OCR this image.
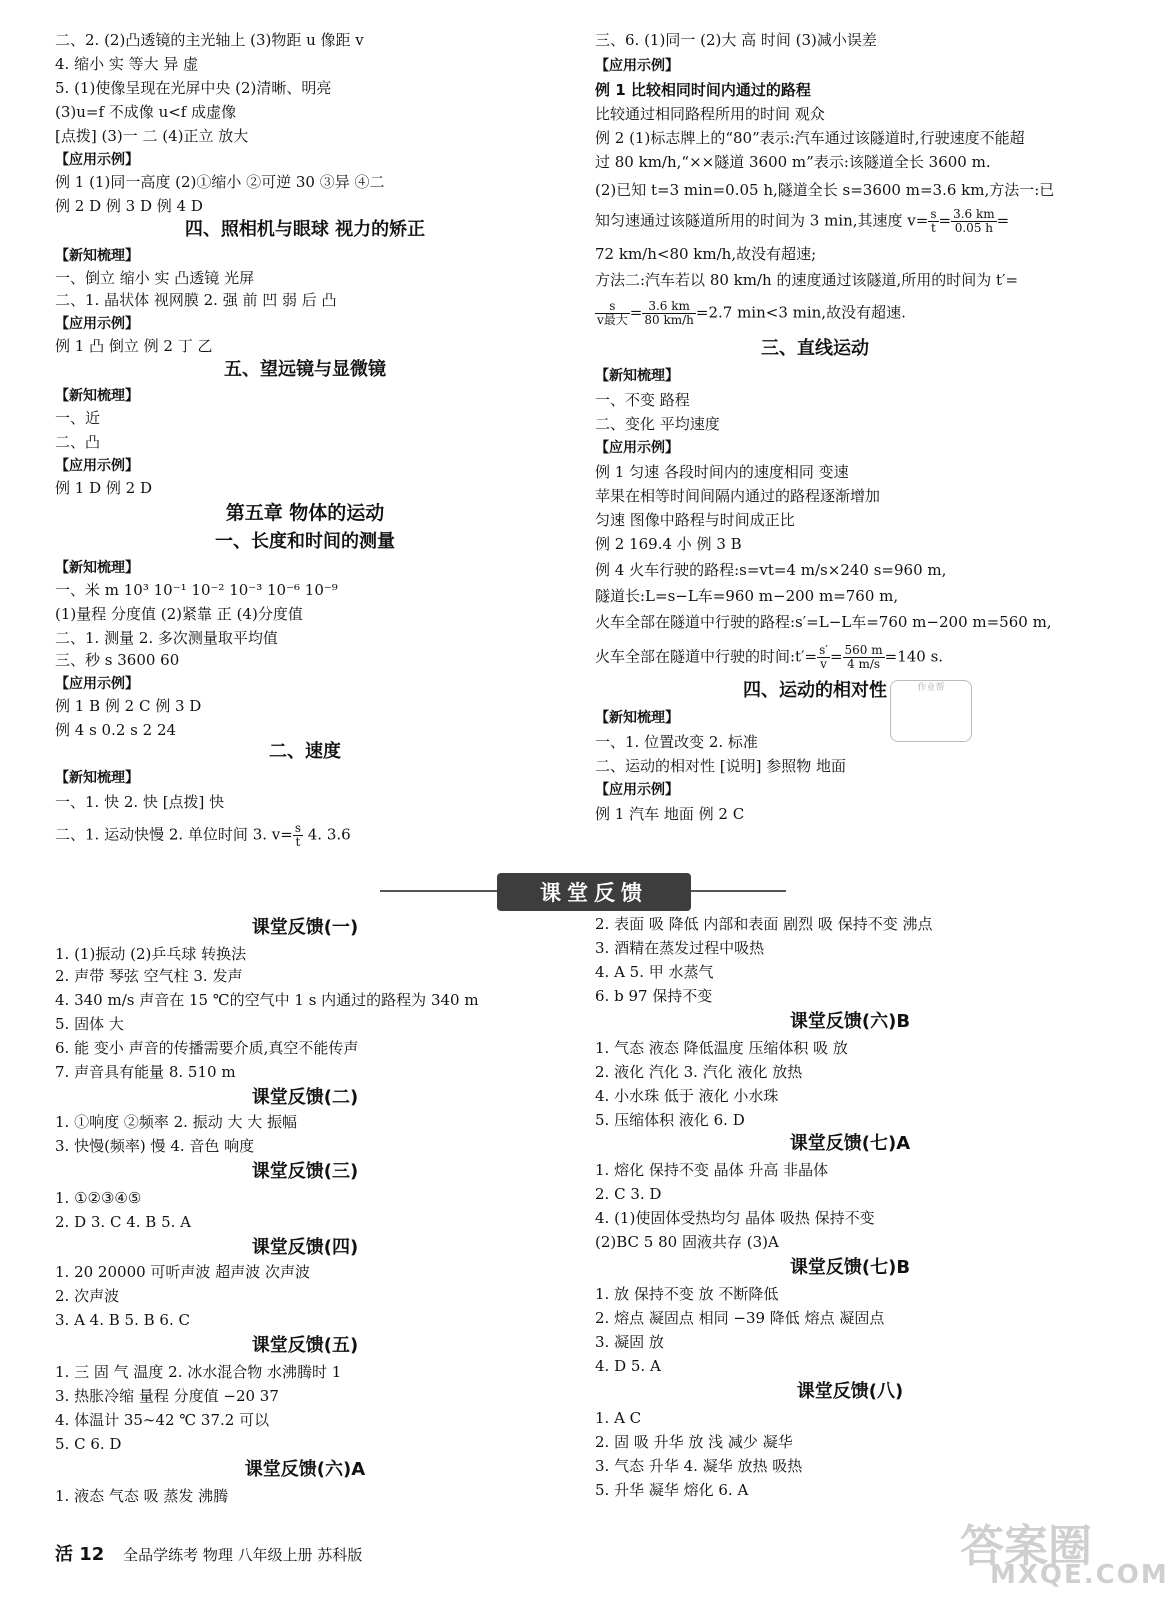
二、2. (2)凸透镜的主光轴上 (3)物距 u 像距 v
4. 缩小 实 等大 异 虚
5. (1)使像呈现在光屏中央 (2)清晰、明亮
(3)u=f 不成像 u<f 成虚像
[点拨] (3)一 二 (4)正立 放大
【应用示例】
例 1 (1)同一高度 (2)①缩小 ②可逆 30 ③异 ④二
例 2 D 例 3 D 例 4 D
四、照相机与眼球 视力的矫正
【新知梳理】
一、倒立 缩小 实 凸透镜 光屏
二、1. 晶状体 视网膜 2. 强 前 凹 弱 后 凸
【应用示例】
例 1 凸 倒立 例 2 丁 乙
五、望远镜与显微镜
【新知梳理】
一、近
二、凸
【应用示例】
例 1 D 例 2 D
第五章 物体的运动
一、长度和时间的测量
【新知梳理】
一、米 m 10³ 10⁻¹ 10⁻² 10⁻³ 10⁻⁶ 10⁻⁹
(1)量程 分度值 (2)紧靠 正 (4)分度值
二、1. 测量 2. 多次测量取平均值
三、秒 s 3600 60
【应用示例】
例 1 B 例 2 C 例 3 D
例 4 s 0.2 s 2 24
二、速度
【新知梳理】
一、1. 快 2. 快 [点拨] 快
二、1. 运动快慢 2. 单位时间 3. $v= \frac{s}{t} 4$. 3.6
三、6. (1)同一 (2)大 高 时间 (3)减小误差
【应用示例】
例 1 比较相同时间内通过的路程
比较通过相同路程所用的时间 观众
例 2 (1)标志牌上的“80”表示:汽车通过该隧道时,行驶速度不能超
过 80 km/h,“××隧道 3600 m”表示:该隧道全长 3600 m.
(2)已知 t=3 min=0.05 h,隧道全长 s=3600 m=3.6 km,方法一:已
知匀速通过该隧道所用的时间为 3 min,其速度 $v= \frac{s}{t} = \frac{3.6 km}{0.05 h}$ =
72 km/h<80 km/h,故没有超速;
方法二:汽车若以 80 km/h 的速度通过该隧道,所用的时间为 t′=
$\frac{s}{\text{v最大}} = \frac{3.6 km}{80 km/h} =2.7$ min<3 min,故没有超速.
三、直线运动
【新知梳理】
一、不变 路程
二、变化 平均速度
【应用示例】
例 1 匀速 各段时间内的速度相同 变速
苹果在相等时间间隔内通过的路程逐渐增加
匀速 图像中路程与时间成正比
例 2 169.4 小 例 3 B
例 4 火车行驶的路程:s=vt=4 m/s×240 s=960 m,
隧道长:L=s−L车=960 m−200 m=760 m,
火车全部在隧道中行驶的路程:s′=L−L车=760 m−200 m=560 m,
火车全部在隧道中行驶的时间:t′= $\frac{s'}{v} = \frac{560 m}{4 m/s} =140$ s.
四、运动的相对性
【新知梳理】
一、1. 位置改变 2. 标准
二、运动的相对性 [说明] 参照物 地面
【应用示例】
例 1 汽车 地面 例 2 C
作业帮
课堂反馈
课堂反馈(一)
1. (1)振动 (2)乒乓球 转换法
2. 声带 琴弦 空气柱 3. 发声
4. 340 m/s 声音在 15 ℃的空气中 1 s 内通过的路程为 340 m
5. 固体 大
6. 能 变小 声音的传播需要介质,真空不能传声
7. 声音具有能量 8. 510 m
课堂反馈(二)
1. ①响度 ②频率 2. 振动 大 大 振幅
3. 快慢(频率) 慢 4. 音色 响度
课堂反馈(三)
1. ①②③④⑤
2. D 3. C 4. B 5. A
课堂反馈(四)
1. 20 20000 可听声波 超声波 次声波
2. 次声波
3. A 4. B 5. B 6. C
课堂反馈(五)
1. 三 固 气 温度 2. 冰水混合物 水沸腾时 1
3. 热胀冷缩 量程 分度值 −20 37
4. 体温计 35∼42 ℃ 37.2 可以
5. C 6. D
课堂反馈(六)A
1. 液态 气态 吸 蒸发 沸腾
2. 表面 吸 降低 内部和表面 剧烈 吸 保持不变 沸点
3. 酒精在蒸发过程中吸热
4. A 5. 甲 水蒸气
6. b 97 保持不变
课堂反馈(六)B
1. 气态 液态 降低温度 压缩体积 吸 放
2. 液化 汽化 3. 汽化 液化 放热
4. 小水珠 低于 液化 小水珠
5. 压缩体积 液化 6. D
课堂反馈(七)A
1. 熔化 保持不变 晶体 升高 非晶体
2. C 3. D
4. (1)使固体受热均匀 晶体 吸热 保持不变
(2)BC 5 80 固液共存 (3)A
课堂反馈(七)B
1. 放 保持不变 放 不断降低
2. 熔点 凝固点 相同 −39 降低 熔点 凝固点
3. 凝固 放
4. D 5. A
课堂反馈(八)
1. A C
2. 固 吸 升华 放 浅 减少 凝华
3. 气态 升华 4. 凝华 放热 吸热
5. 升华 凝华 熔化 6. A
活 12 全品学练考 物理 八年级上册 苏科版	答案圈
MXQE.COM
